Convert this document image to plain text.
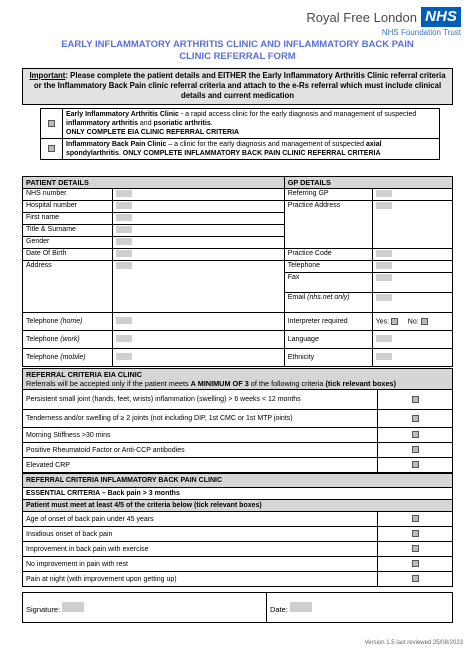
Royal Free London NHS
NHS Foundation Trust
EARLY INFLAMMATORY ARTHRITIS CLINIC AND INFLAMMATORY BACK PAIN
CLINIC REFERRAL FORM
Important: Please complete the patient details and EITHER the Early Inflammatory Arthritis Clinic referral criteria or the Inflammatory Back Pain clinic referral criteria and attach to the e-Rs referral which must include clinical details and current medication
	Early Inflammatory Arthritis Clinic - a rapid access clinic for the early diagnosis and management of suspected inflammatory arthritis and psoriatic arthritis.
ONLY COMPLETE EIA CLINIC REFERRAL CRITERIA
	Inflammatory Back Pain Clinic – a clinic for the early diagnosis and management of suspected axial spondylarthritis. ONLY COMPLETE INFLAMMATORY BACK PAIN CLINIC REFERRAL CRITERIA
PATIENT DETAILS		GP DETAILS	
NHS number		Referring GP	
Hospital number		Practice Address	
First name			
Title & Surname			
Gender			
Date Of Birth		Practice Code	
Address		Telephone	
		Fax	
		Email (nhs.net only)	
Telephone (home)		Interpreter required	Yes: No:
Telephone (work)		Language	
Telephone (mobile)		Ethnicity	
REFERRAL CRITERIA EIA CLINIC
Referrals will be accepted only if the patient meets A MINIMUM OF 3 of the following criteria (tick relevant boxes)	
Persistent small joint (hands, feet, wrists) inflammation (swelling) > 6 weeks < 12 months	
Tenderness and/or swelling of ≥ 2 joints (not including DIP, 1st CMC or 1st MTP joints)	
Morning Stiffness >30 mins	
Positive Rheumatoid Factor or Anti-CCP antibodies	
Elevated CRP	
REFERRAL CRITERIA INFLAMMATORY BACK PAIN CLINIC	
ESSENTIAL CRITERIA – Back pain > 3 months	
Patient must meet at least 4/5 of the criteria below (tick relevant boxes)	
Age of onset of back pain under 45 years	
Insidious onset of back pain	
Improvement in back pain with exercise	
No improvement in pain with rest	
Pain at night (with improvement upon getting up)	
Signature:	Date:
Version 1.5 last reviewed 25/08/2023
